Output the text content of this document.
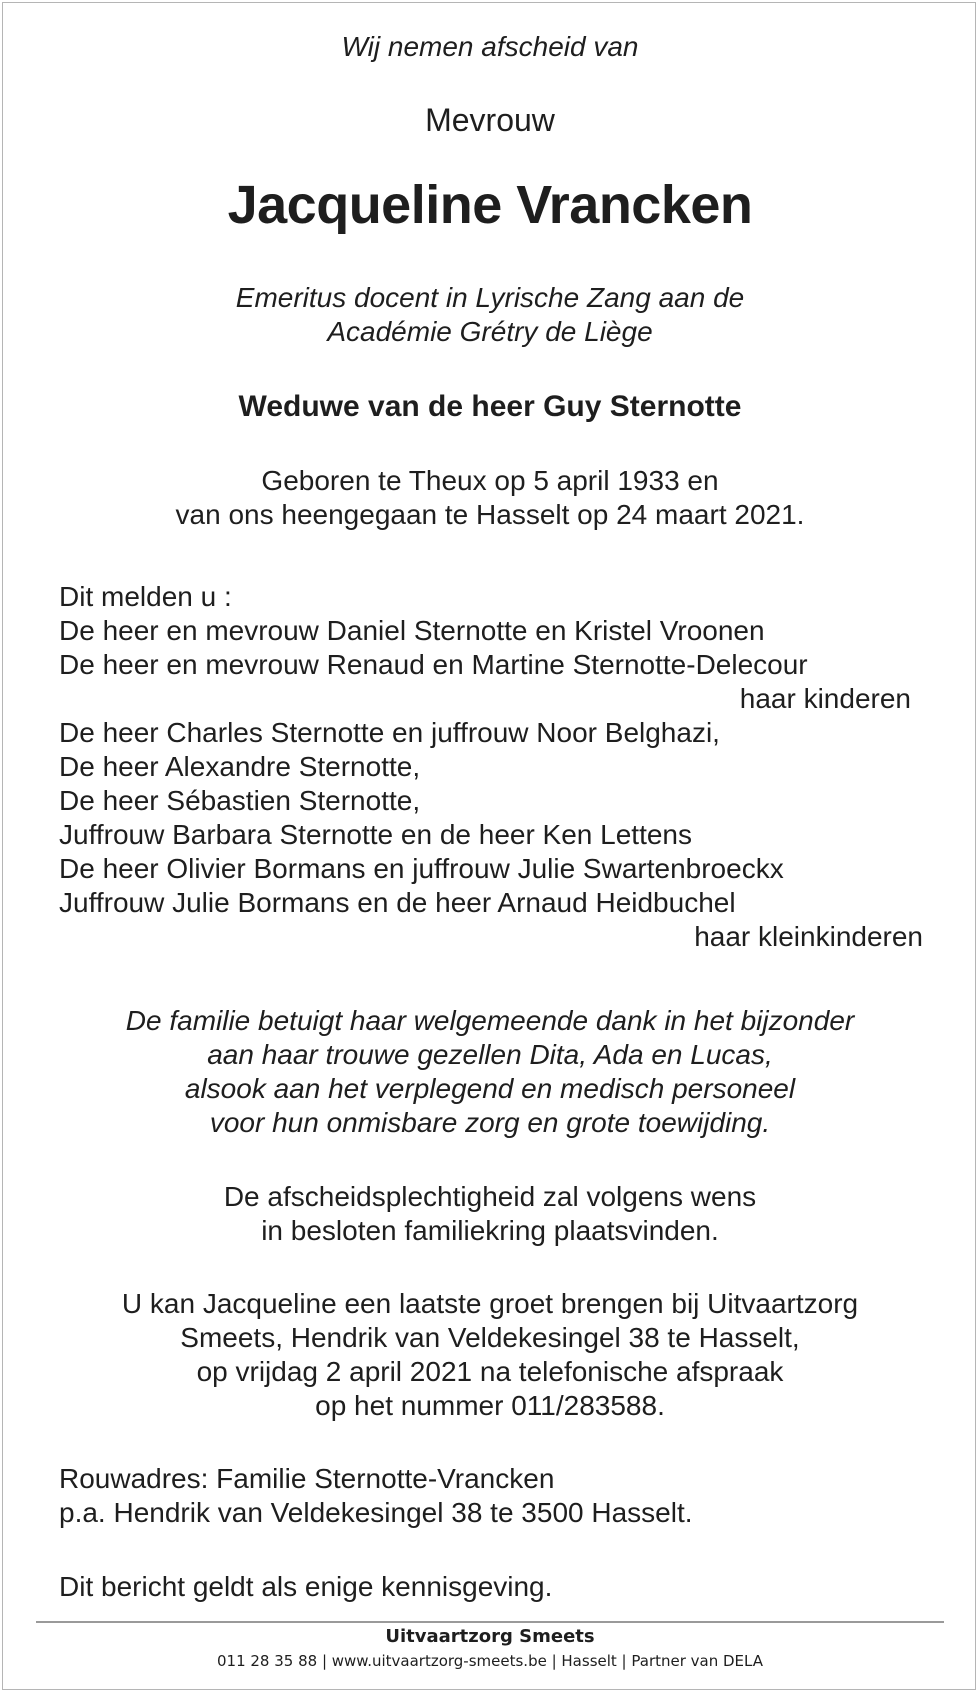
Wij nemen afscheid van

Mevrouw

Jacqueline Vrancken
Emeritus docent in Lyrische Zang aan de
Académie Grétry de Liège

Weduwe van de heer Guy Sternotte

Geboren te Theux op 5 april 1933 en
van ons heengegaan te Hasselt op 24 maart 2021.
Dit melden u :
De heer en mevrouw Daniel Sternotte en Kristel Vroonen
De heer en mevrouw Renaud en Martine Sternotte-Delecour
haar kinderen
De heer Charles Sternotte en juffrouw Noor Belghazi,
De heer Alexandre Sternotte,
De heer Sébastien Sternotte,
Juffrouw Barbara Sternotte en de heer Ken Lettens
De heer Olivier Bormans en juffrouw Julie Swartenbroeckx
Juffrouw Julie Bormans en de heer Arnaud Heidbuchel
haar kleinkinderen
De familie betuigt haar welgemeende dank in het bijzonder
aan haar trouwe gezellen Dita, Ada en Lucas,
alsook aan het verplegend en medisch personeel
voor hun onmisbare zorg en grote toewijding.
De afscheidsplechtigheid zal volgens wens
in besloten familiekring plaatsvinden.
U kan Jacqueline een laatste groet brengen bij Uitvaartzorg
Smeets, Hendrik van Veldekesingel 38 te Hasselt,
op vrijdag 2 april 2021 na telefonische afspraak
op het nummer 011/283588.
Rouwadres: Familie Sternotte-Vrancken
p.a. Hendrik van Veldekesingel 38 te 3500 Hasselt.
Dit bericht geldt als enige kennisgeving.

Uitvaartzorg Smeets

011 28 35 88 | www.uitvaartzorg-smeets.be | Hasselt | Partner van DELA
